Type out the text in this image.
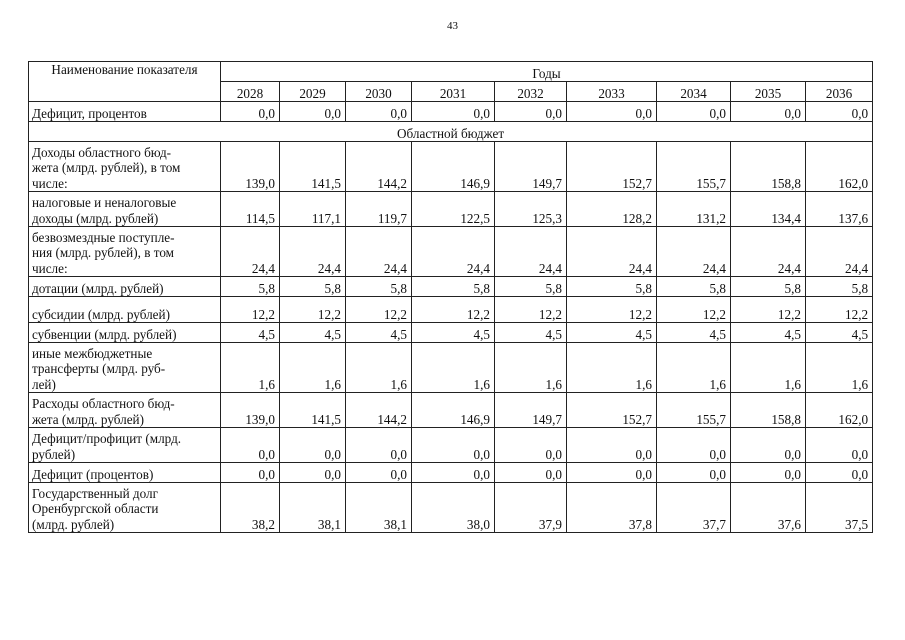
43
Наименование показателя	Годы								
	2028	2029	2030	2031	2032	2033	2034	2035	2036
Дефицит, процентов	0,0	0,0	0,0	0,0	0,0	0,0	0,0	0,0	0,0
Областной бюджет									
Доходы областного бюд-
жета (млрд. рублей), в том
числе:	139,0	141,5	144,2	146,9	149,7	152,7	155,7	158,8	162,0
налоговые и неналоговые
доходы (млрд. рублей)	114,5	117,1	119,7	122,5	125,3	128,2	131,2	134,4	137,6
безвозмездные поступле-
ния (млрд. рублей), в том
числе:	24,4	24,4	24,4	24,4	24,4	24,4	24,4	24,4	24,4
дотации (млрд. рублей)	5,8	5,8	5,8	5,8	5,8	5,8	5,8	5,8	5,8
субсидии (млрд. рублей)	12,2	12,2	12,2	12,2	12,2	12,2	12,2	12,2	12,2
субвенции (млрд. рублей)	4,5	4,5	4,5	4,5	4,5	4,5	4,5	4,5	4,5
иные межбюджетные
трансферты (млрд. руб-
лей)	1,6	1,6	1,6	1,6	1,6	1,6	1,6	1,6	1,6
Расходы областного бюд-
жета (млрд. рублей)	139,0	141,5	144,2	146,9	149,7	152,7	155,7	158,8	162,0
Дефицит/профицит (млрд.
рублей)	0,0	0,0	0,0	0,0	0,0	0,0	0,0	0,0	0,0
Дефицит (процентов)	0,0	0,0	0,0	0,0	0,0	0,0	0,0	0,0	0,0
Государственный долг
Оренбургской области
(млрд. рублей)	38,2	38,1	38,1	38,0	37,9	37,8	37,7	37,6	37,5
